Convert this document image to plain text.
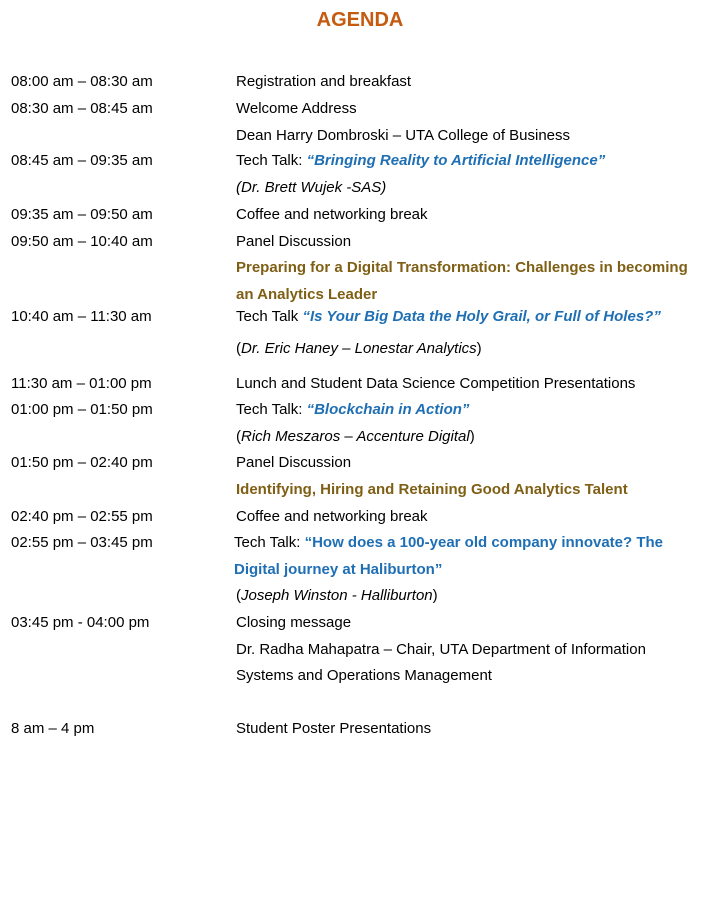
AGENDA
08:00 am – 08:30 am	Registration and breakfast
08:30 am – 08:45 am	Welcome Address
Dean Harry Dombroski – UTA College of Business
08:45 am – 09:35 am	Tech Talk: “Bringing Reality to Artificial Intelligence”
(Dr. Brett Wujek -SAS)
09:35 am – 09:50 am	Coffee and networking break
09:50 am – 10:40 am	Panel Discussion
Preparing for a Digital Transformation: Challenges in becoming
an Analytics Leader
10:40 am – 11:30 am	Tech Talk “Is Your Big Data the Holy Grail, or Full of Holes?”
(Dr. Eric Haney – Lonestar Analytics)
11:30 am – 01:00 pm	Lunch and Student Data Science Competition Presentations
01:00 pm – 01:50 pm	Tech Talk: “Blockchain in Action”
(Rich Meszaros – Accenture Digital)
01:50 pm – 02:40 pm	Panel Discussion
Identifying, Hiring and Retaining Good Analytics Talent
02:40 pm – 02:55 pm	Coffee and networking break
02:55 pm – 03:45 pm	Tech Talk: “How does a 100-year old company innovate? The
Digital journey at Haliburton”
(Joseph Winston - Halliburton)
03:45 pm - 04:00 pm	Closing message
Dr. Radha Mahapatra – Chair, UTA Department of Information
Systems and Operations Management
8 am – 4 pm	Student Poster Presentations
